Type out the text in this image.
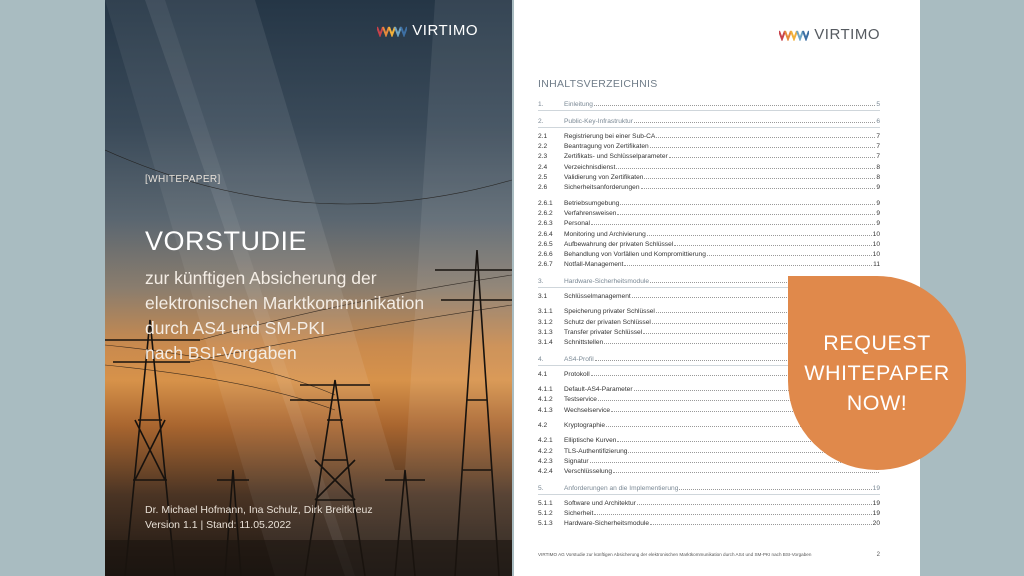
VIRTIMO
[WHITEPAPER]
VORSTUDIE
zur künftigen Absicherung der
elektronischen Marktkommunikation
durch AS4 und SM-PKI
nach BSI-Vorgaben
Dr. Michael Hofmann, Ina Schulz, Dirk Breitkreuz
Version 1.1 | Stand: 11.05.2022
VIRTIMO
INHALTSVERZEICHNIS
1.	Einleitung	5
2.	Public-Key-Infrastruktur	6
2.1	Registrierung bei einer Sub-CA	7
2.2	Beantragung von Zertifikaten	7
2.3	Zertifikats- und Schlüsselparameter	7
2.4	Verzeichnisdienst	8
2.5	Validierung von Zertifikaten	8
2.6	Sicherheitsanforderungen	9
2.6.1	Betriebsumgebung	9
2.6.2	Verfahrensweisen	9
2.6.3	Personal	9
2.6.4	Monitoring und Archivierung	10
2.6.5	Aufbewahrung der privaten Schlüssel	10
2.6.6	Behandlung von Vorfällen und Kompromittierung	10
2.6.7	Notfall-Management	11
3.	Hardware-Sicherheitsmodule
3.1	Schlüsselmanagement
3.1.1	Speicherung privater Schlüssel
3.1.2	Schutz der privaten Schlüssel
3.1.3	Transfer privater Schlüssel
3.1.4	Schnittstellen
4.	AS4-Profil
4.1	Protokoll
4.1.1	Default-AS4-Parameter
4.1.2	Testservice
4.1.3	Wechselservice
4.2	Kryptographie
4.2.1	Elliptische Kurven
4.2.2	TLS-Authentifizierung
4.2.3	Signatur
4.2.4	Verschlüsselung
5.	Anforderungen an die Implementierung	19
5.1.1	Software und Architektur	19
5.1.2	Sicherheit	19
5.1.3	Hardware-Sicherheitsmodule	20
VIRTIMO AG Vorstudie zur künftigen Absicherung der elektronischen Marktkommunikation durch AS4 und SM-PKI nach BSI-Vorgaben	2
REQUEST
WHITEPAPER
NOW!
